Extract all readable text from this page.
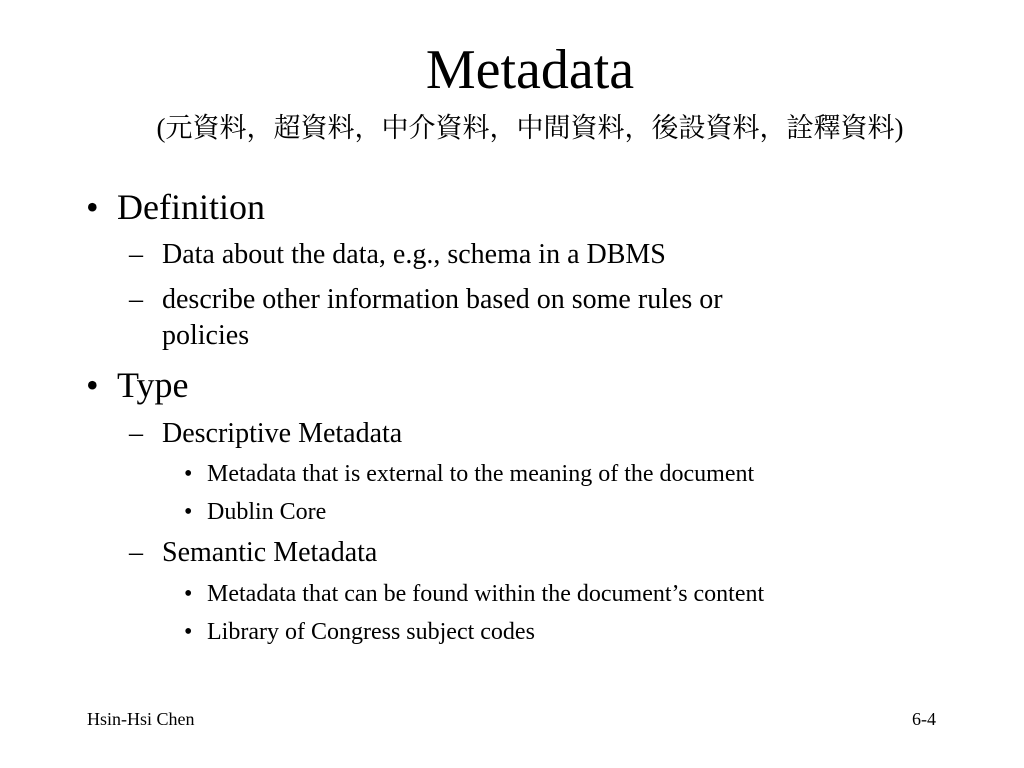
Metadata
(元資料，超資料，中介資料，中間資料，後設資料，詮釋資料)
• Definition
– Data about the data, e.g., schema in a DBMS
– describe other information based on some rules or
policies
• Type
– Descriptive Metadata
• Metadata that is external to the meaning of the document
• Dublin Core
– Semantic Metadata
• Metadata that can be found within the document’s content
• Library of Congress subject codes
Hsin-Hsi Chen	6-4
